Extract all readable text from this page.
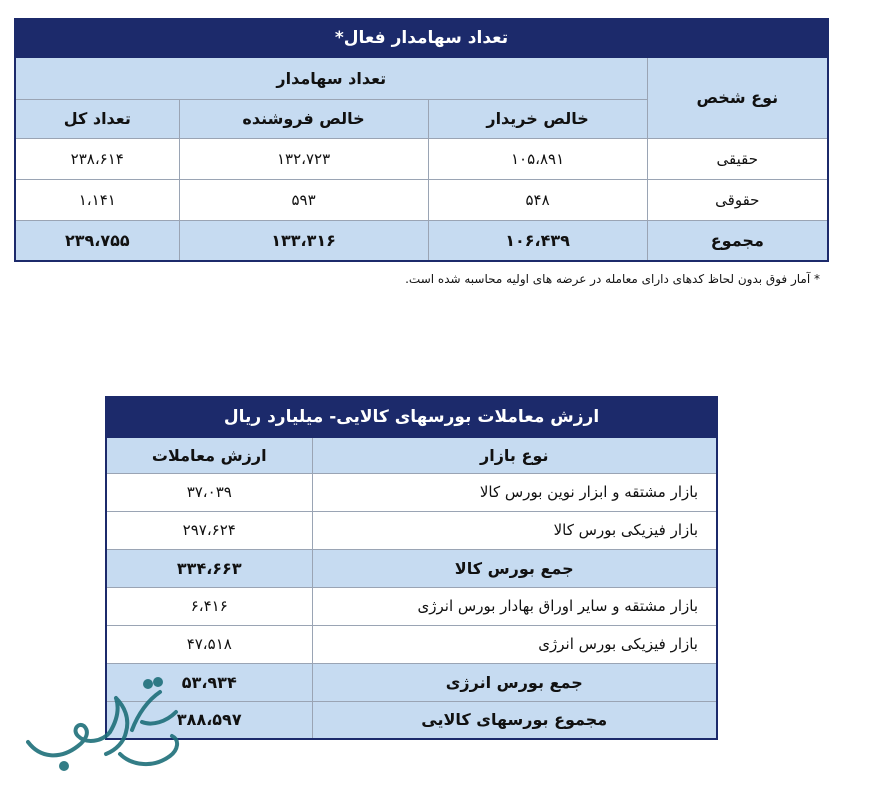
تعداد سهامدار فعال*			
نوع شخص	تعداد سهامدار		
	خالص خریدار	خالص فروشنده	تعداد کل
حقیقی	۱۰۵،۸۹۱	۱۳۲،۷۲۳	۲۳۸،۶۱۴
حقوقی	۵۴۸	۵۹۳	۱،۱۴۱
مجموع	۱۰۶،۴۳۹	۱۳۳،۳۱۶	۲۳۹،۷۵۵
* آمار فوق بدون لحاظ کدهای دارای معامله در عرضه های اولیه محاسبه شده است.
ارزش معاملات بورسهای کالایی- میلیارد ریال	
نوع بازار	ارزش معاملات
بازار مشتقه و ابزار نوین بورس کالا	۳۷،۰۳۹
بازار فیزیکی بورس کالا	۲۹۷،۶۲۴
جمع بورس کالا	۳۳۴،۶۶۳
بازار مشتقه و سایر اوراق بهادار بورس انرژی	۶،۴۱۶
بازار فیزیکی بورس انرژی	۴۷،۵۱۸
جمع بورس انرژی	۵۳،۹۳۴
مجموع بورسهای کالایی	۳۸۸،۵۹۷
